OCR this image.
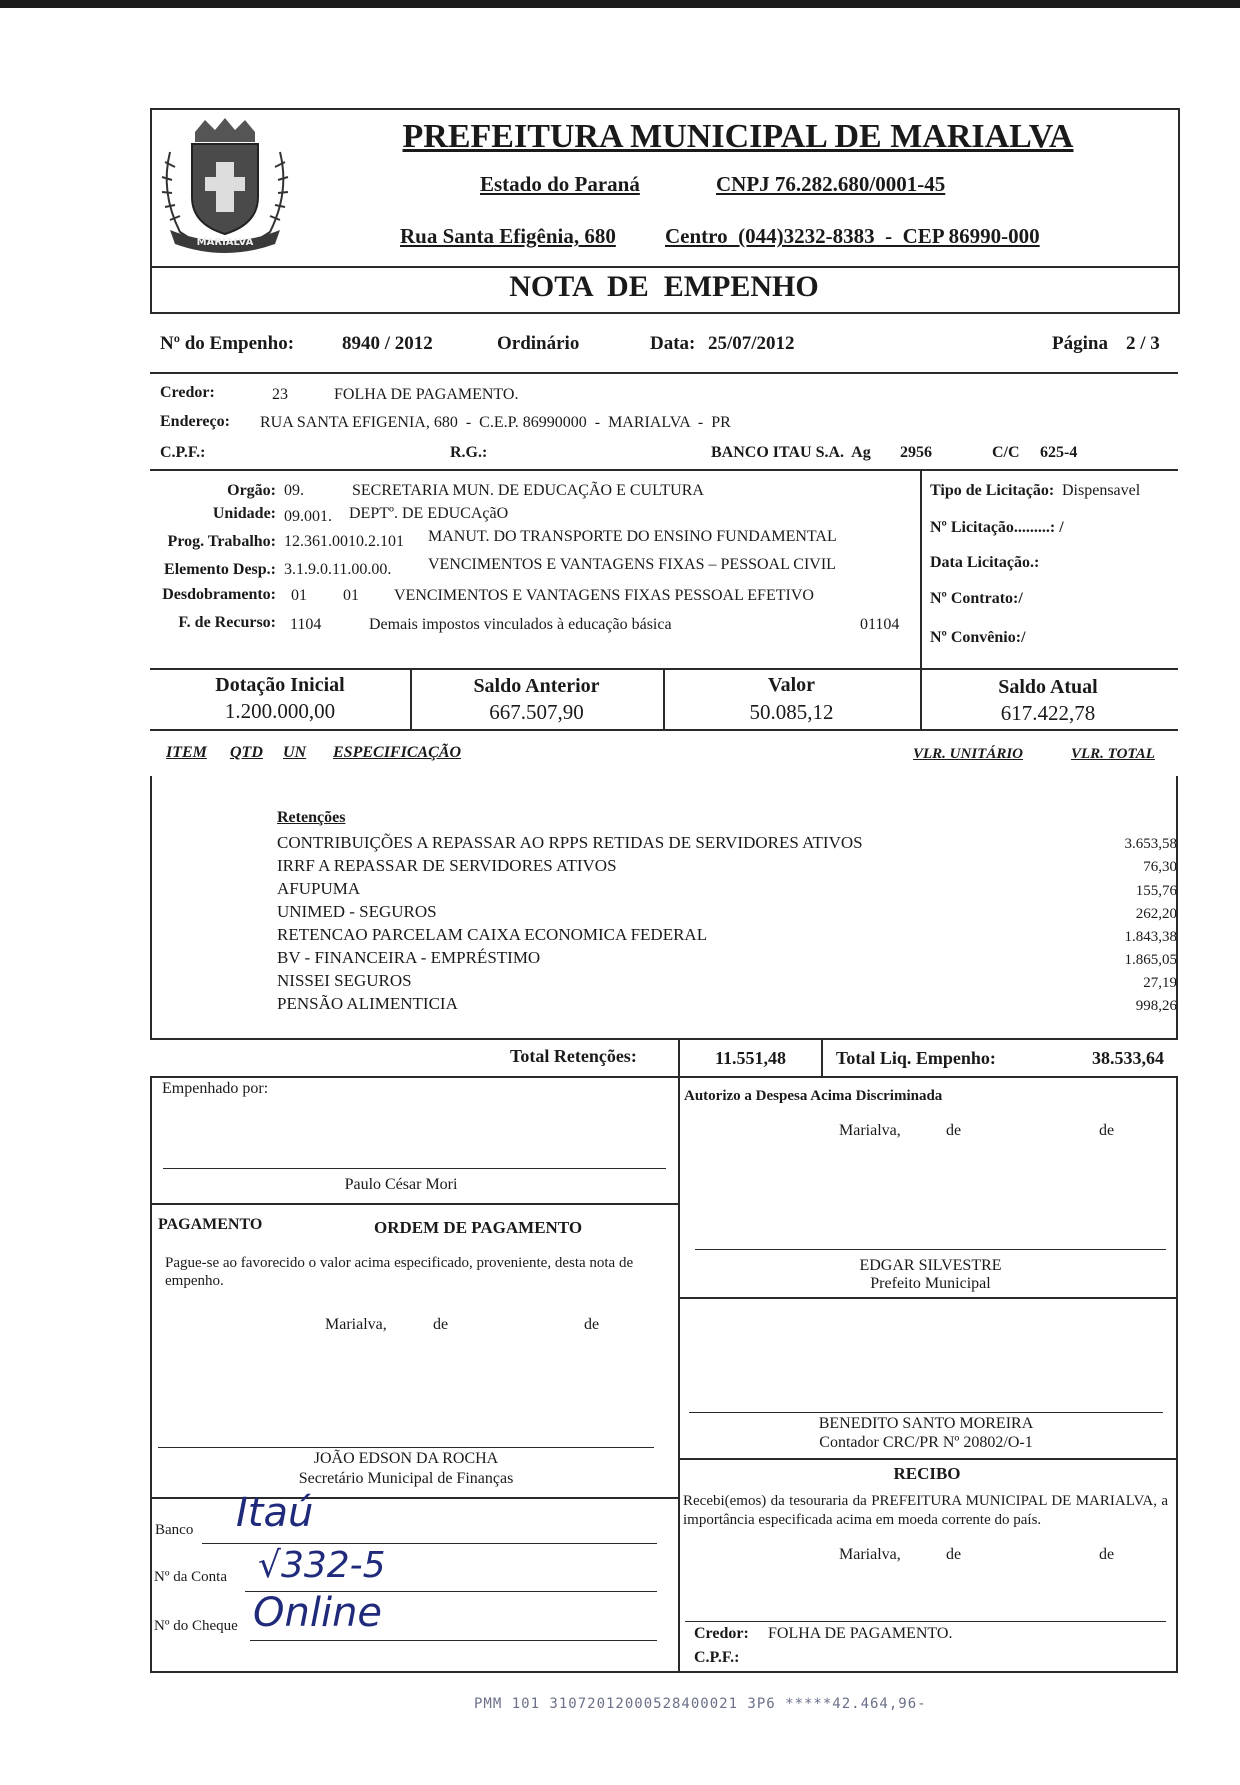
MARIALVA
PREFEITURA MUNICIPAL DE MARIALVA
Estado do Paraná	CNPJ 76.282.680/0001-45
Rua Santa Efigênia, 680 Centro  (044)3232-8383  -  CEP 86990-000
NOTA  DE  EMPENHO
Nº do Empenho:	8940 / 2012	Ordinário	Data: 25/07/2012	Página 2 / 3
Credor:	23	FOLHA DE PAGAMENTO.
Endereço: RUA SANTA EFIGENIA, 680  -  C.E.P. 86990000  -  MARIALVA  -  PR
C.P.F.:	R.G.:	BANCO ITAU S.A.  Ag 2956	C/C 625-4
Orgão: 09.	SECRETARIA MUN. DE EDUCAÇÃO E CULTURA
Unidade: 09.001. DEPTº. DE EDUCAçãO
Prog. Trabalho: 12.361.0010.2.101 MANUT. DO TRANSPORTE DO ENSINO FUNDAMENTAL
Elemento Desp.: 3.1.9.0.11.00.00. VENCIMENTOS E VANTAGENS FIXAS – PESSOAL CIVIL
Desdobramento: 01 01 VENCIMENTOS E VANTAGENS FIXAS PESSOAL EFETIVO
F. de Recurso: 1104	Demais impostos vinculados à educação básica	01104
Tipo de Licitação: Dispensavel
Nº Licitação.........: /
Data Licitação.:
Nº Contrato:/
Nº Convênio:/
Dotação Inicial
1.200.000,00
Saldo Anterior
667.507,90
Valor
50.085,12
Saldo Atual
617.422,78
ITEM QTD UN ESPECIFICAÇÃO	VLR. UNITÁRIO	VLR. TOTAL
Retenções
CONTRIBUIÇÕES A REPASSAR AO RPPS RETIDAS DE SERVIDORES ATIVOS	3.653,58
IRRF A REPASSAR DE SERVIDORES ATIVOS	76,30
AFUPUMA	155,76
UNIMED - SEGUROS	262,20
RETENCAO PARCELAM CAIXA ECONOMICA FEDERAL	1.843,38
BV - FINANCEIRA - EMPRÉSTIMO	1.865,05
NISSEI SEGUROS	27,19
PENSÃO ALIMENTICIA	998,26
Total Retenções:	11.551,48	Total Liq. Empenho:	38.533,64
Empenhado por:
Paulo César Mori
PAGAMENTO	ORDEM DE PAGAMENTO
Pague-se ao favorecido o valor acima especificado, proveniente, desta nota de empenho.
Marialva,	de	de
JOÃO EDSON DA ROCHA
Secretário Municipal de Finanças
Banco Itaú
Nº da Conta √332-5
Nº do Cheque Online
Autorizo a Despesa Acima Discriminada
Marialva,	de	de
EDGAR SILVESTRE
Prefeito Municipal
BENEDITO SANTO MOREIRA
Contador CRC/PR Nº 20802/O-1
RECIBO
Recebi(emos) da tesouraria da PREFEITURA MUNICIPAL DE MARIALVA, a importância especificada acima em moeda corrente do país.
Marialva,	de	de
Credor: FOLHA DE PAGAMENTO.
C.P.F.:
PMM 101 31072012000528400021 3P6 *****42.464,96-
